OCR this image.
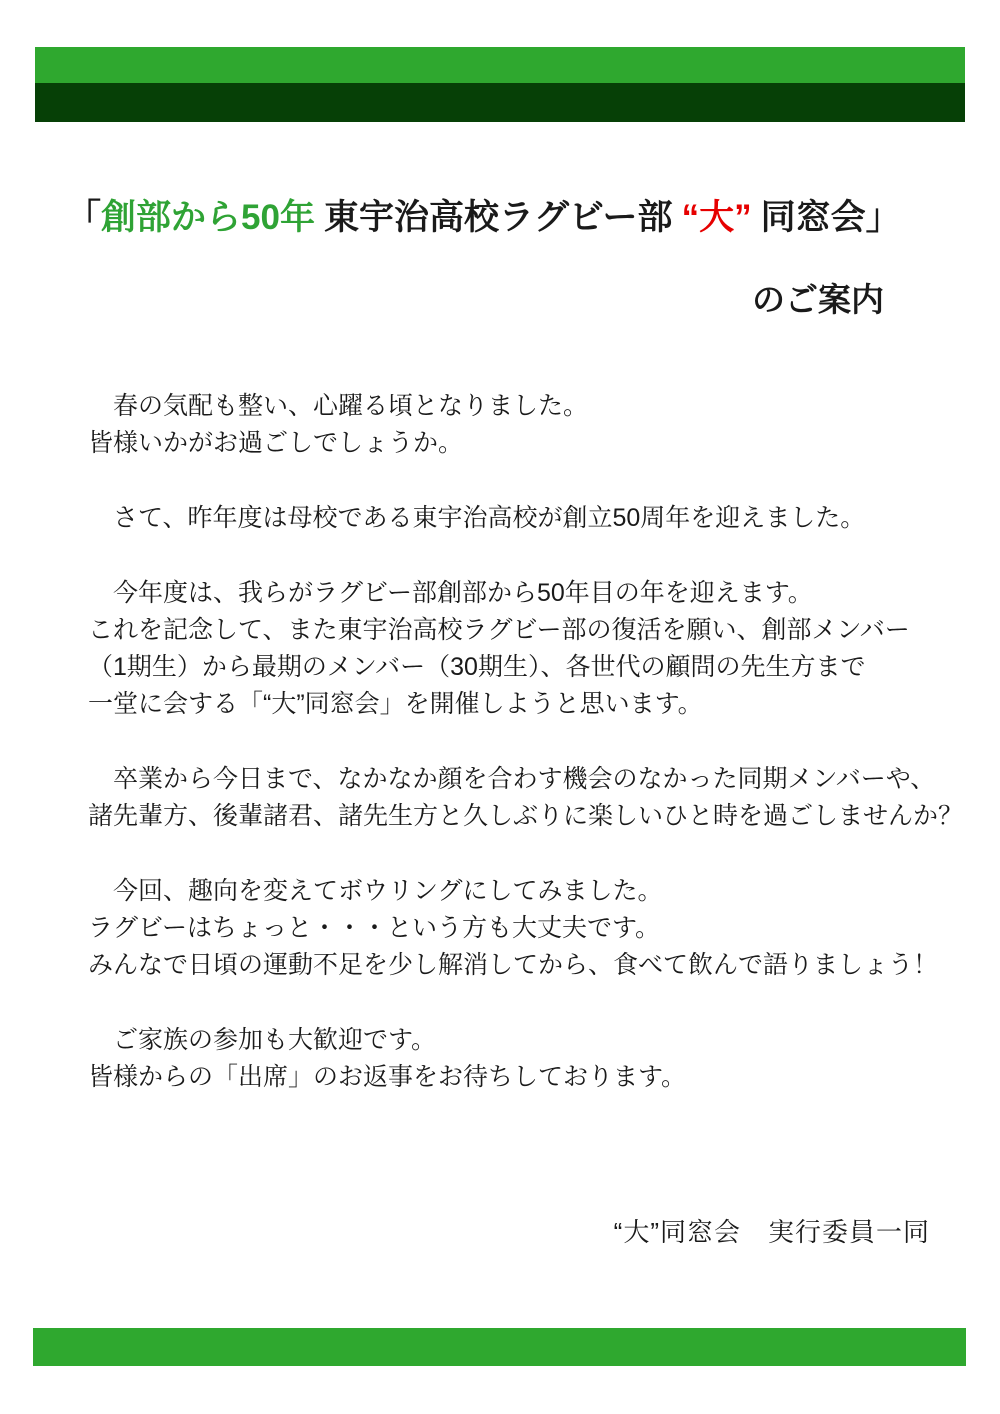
「創部から50年 東宇治高校ラグビー部 “大” 同窓会」
のご案内
　春の気配も整い、心躍る頃となりました。
皆様いかがお過ごしでしょうか。
　さて、昨年度は母校である東宇治高校が創立50周年を迎えました。
　今年度は、我らがラグビー部創部から50年目の年を迎えます。
これを記念して、また東宇治高校ラグビー部の復活を願い、創部メンバー
（1期生）から最期のメンバー（30期生）、各世代の顧問の先生方まで
一堂に会する「“大”同窓会」を開催しようと思います。
　卒業から今日まで、なかなか顔を合わす機会のなかった同期メンバーや、
諸先輩方、後輩諸君、諸先生方と久しぶりに楽しいひと時を過ごしませんか？
　今回、趣向を変えてボウリングにしてみました。
ラグビーはちょっと・・・という方も大丈夫です。
みんなで日頃の運動不足を少し解消してから、食べて飲んで語りましょう！
　ご家族の参加も大歓迎です。
皆様からの「出席」のお返事をお待ちしております。
“大”同窓会　実行委員一同
